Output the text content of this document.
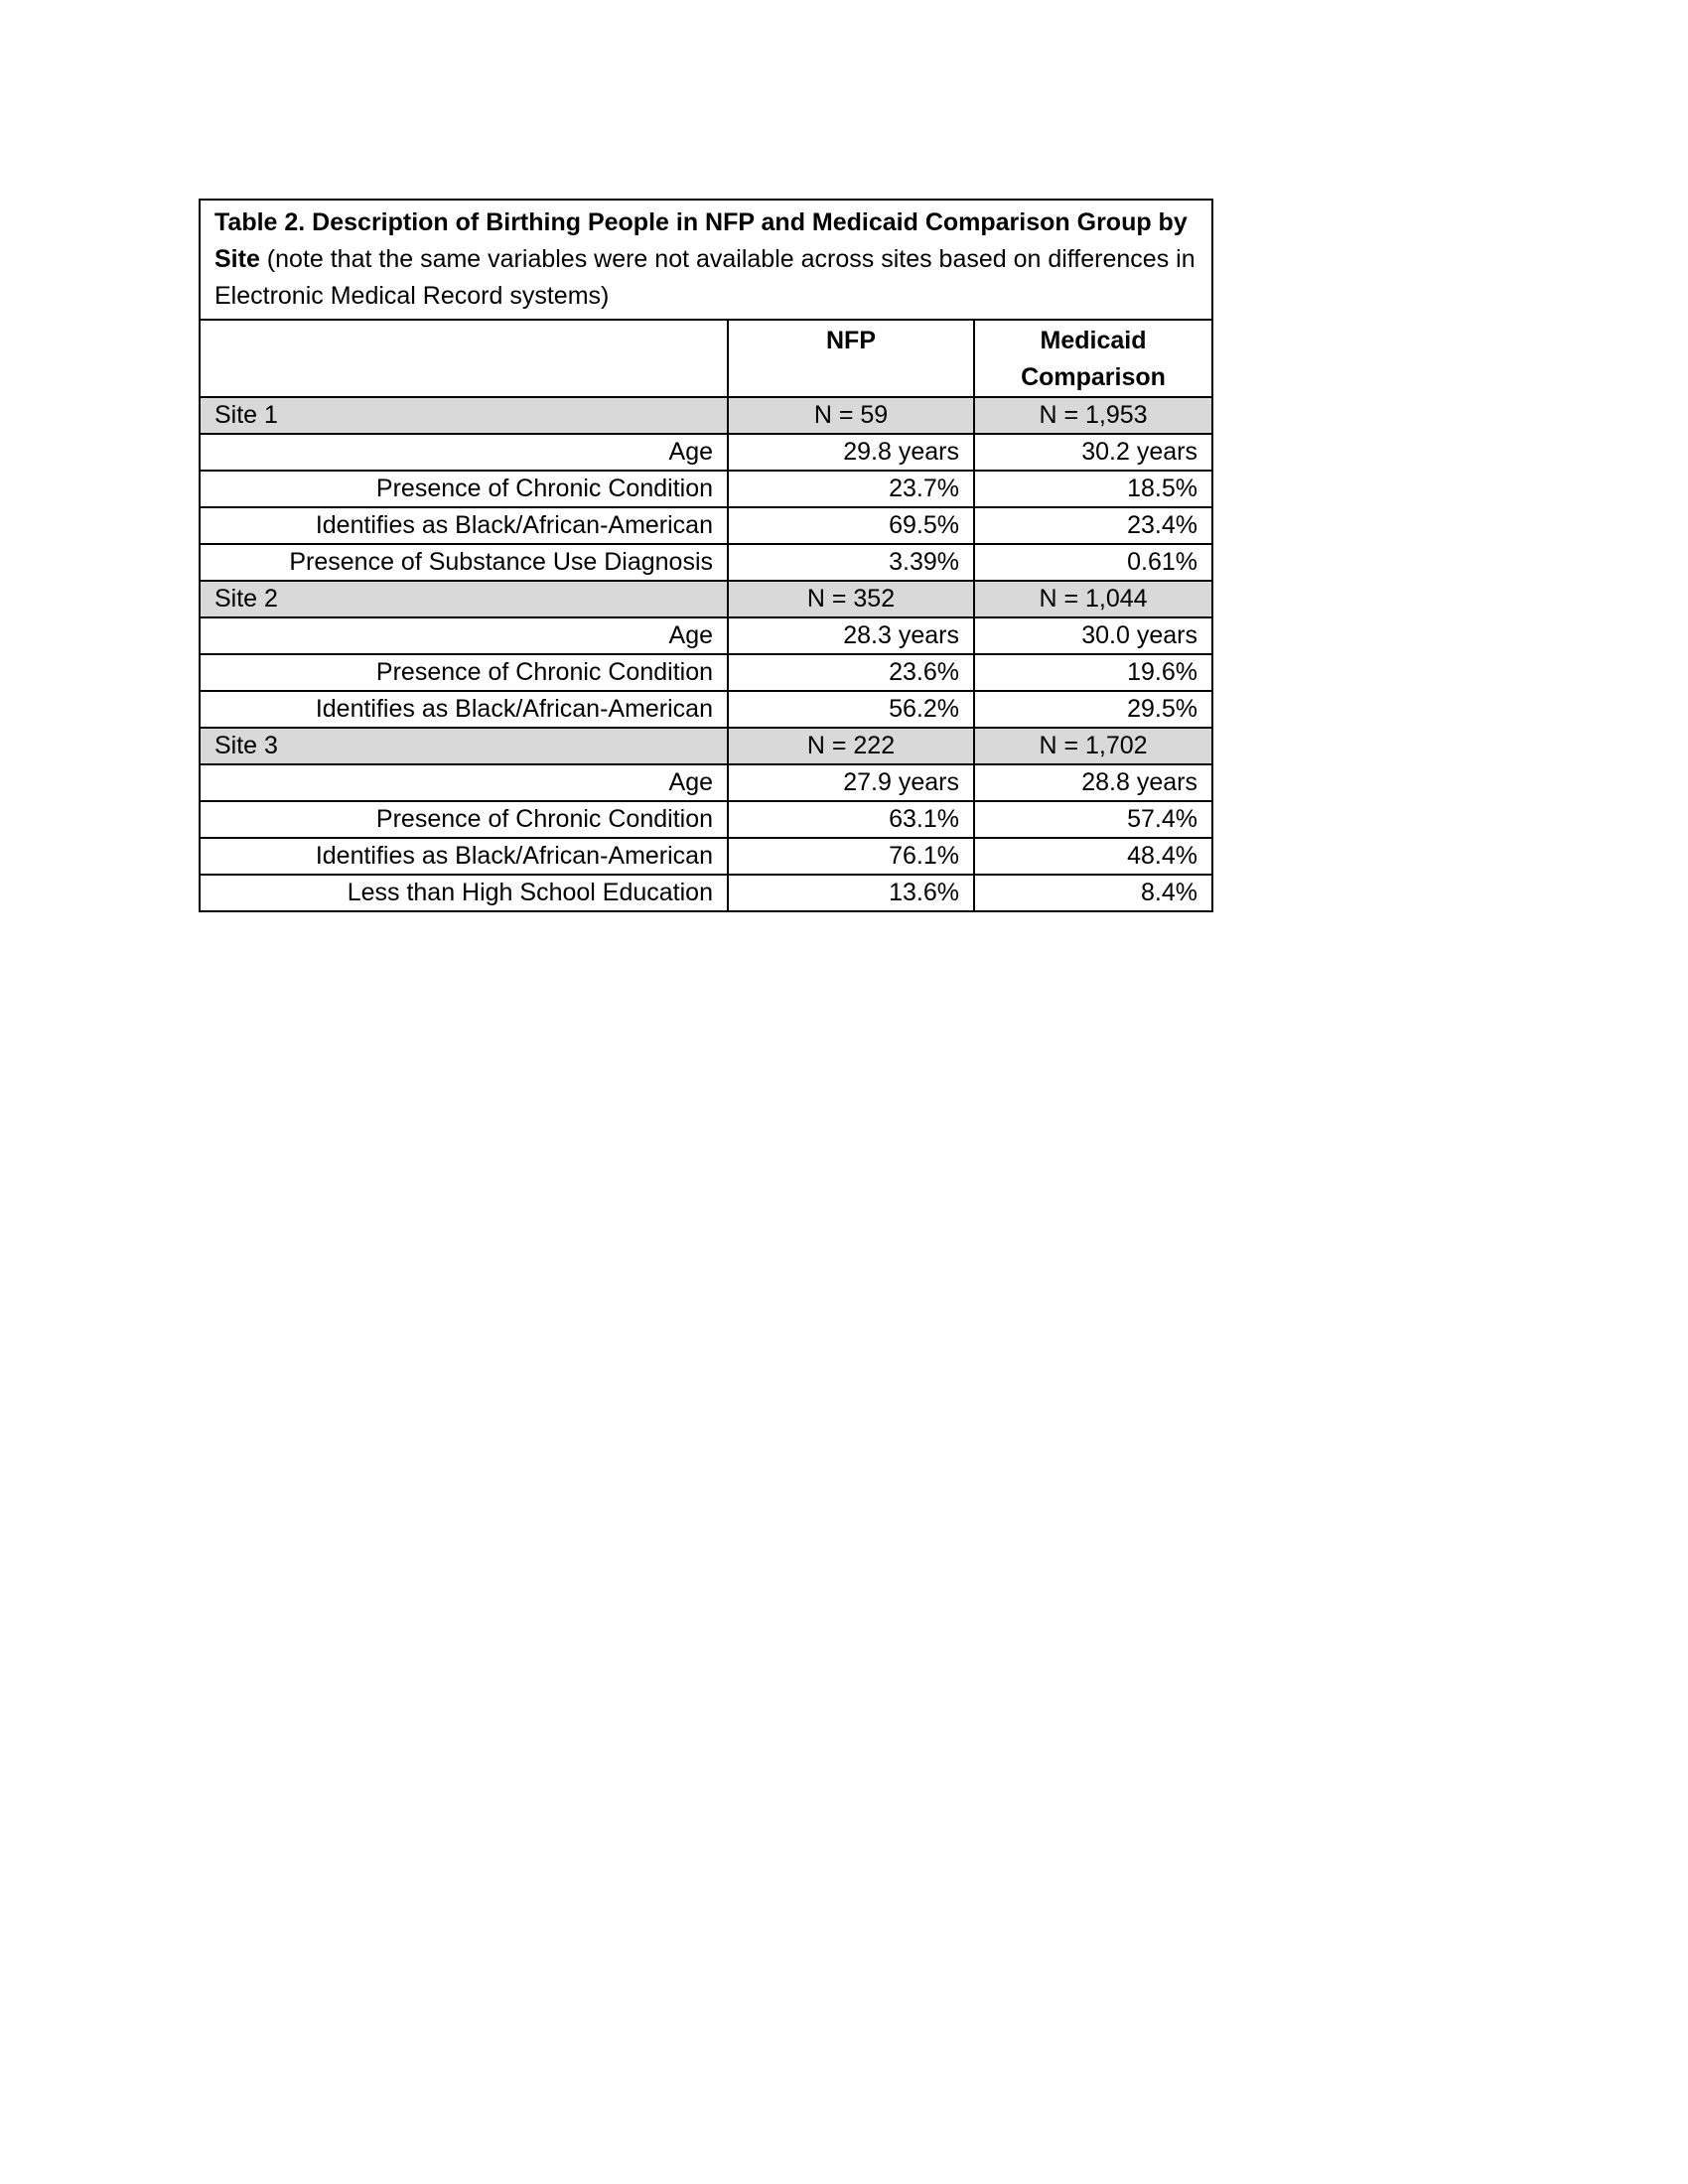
Table 2. Description of Birthing People in NFP and Medicaid Comparison Group by Site (note that the same variables were not available across sites based on differences in Electronic Medical Record systems)		
	NFP	Medicaid Comparison
Site 1	N = 59	N = 1,953
Age	29.8 years	30.2 years
Presence of Chronic Condition	23.7%	18.5%
Identifies as Black/African-American	69.5%	23.4%
Presence of Substance Use Diagnosis	3.39%	0.61%
Site 2	N = 352	N = 1,044
Age	28.3 years	30.0 years
Presence of Chronic Condition	23.6%	19.6%
Identifies as Black/African-American	56.2%	29.5%
Site 3	N = 222	N = 1,702
Age	27.9 years	28.8 years
Presence of Chronic Condition	63.1%	57.4%
Identifies as Black/African-American	76.1%	48.4%
Less than High School Education	13.6%	8.4%
